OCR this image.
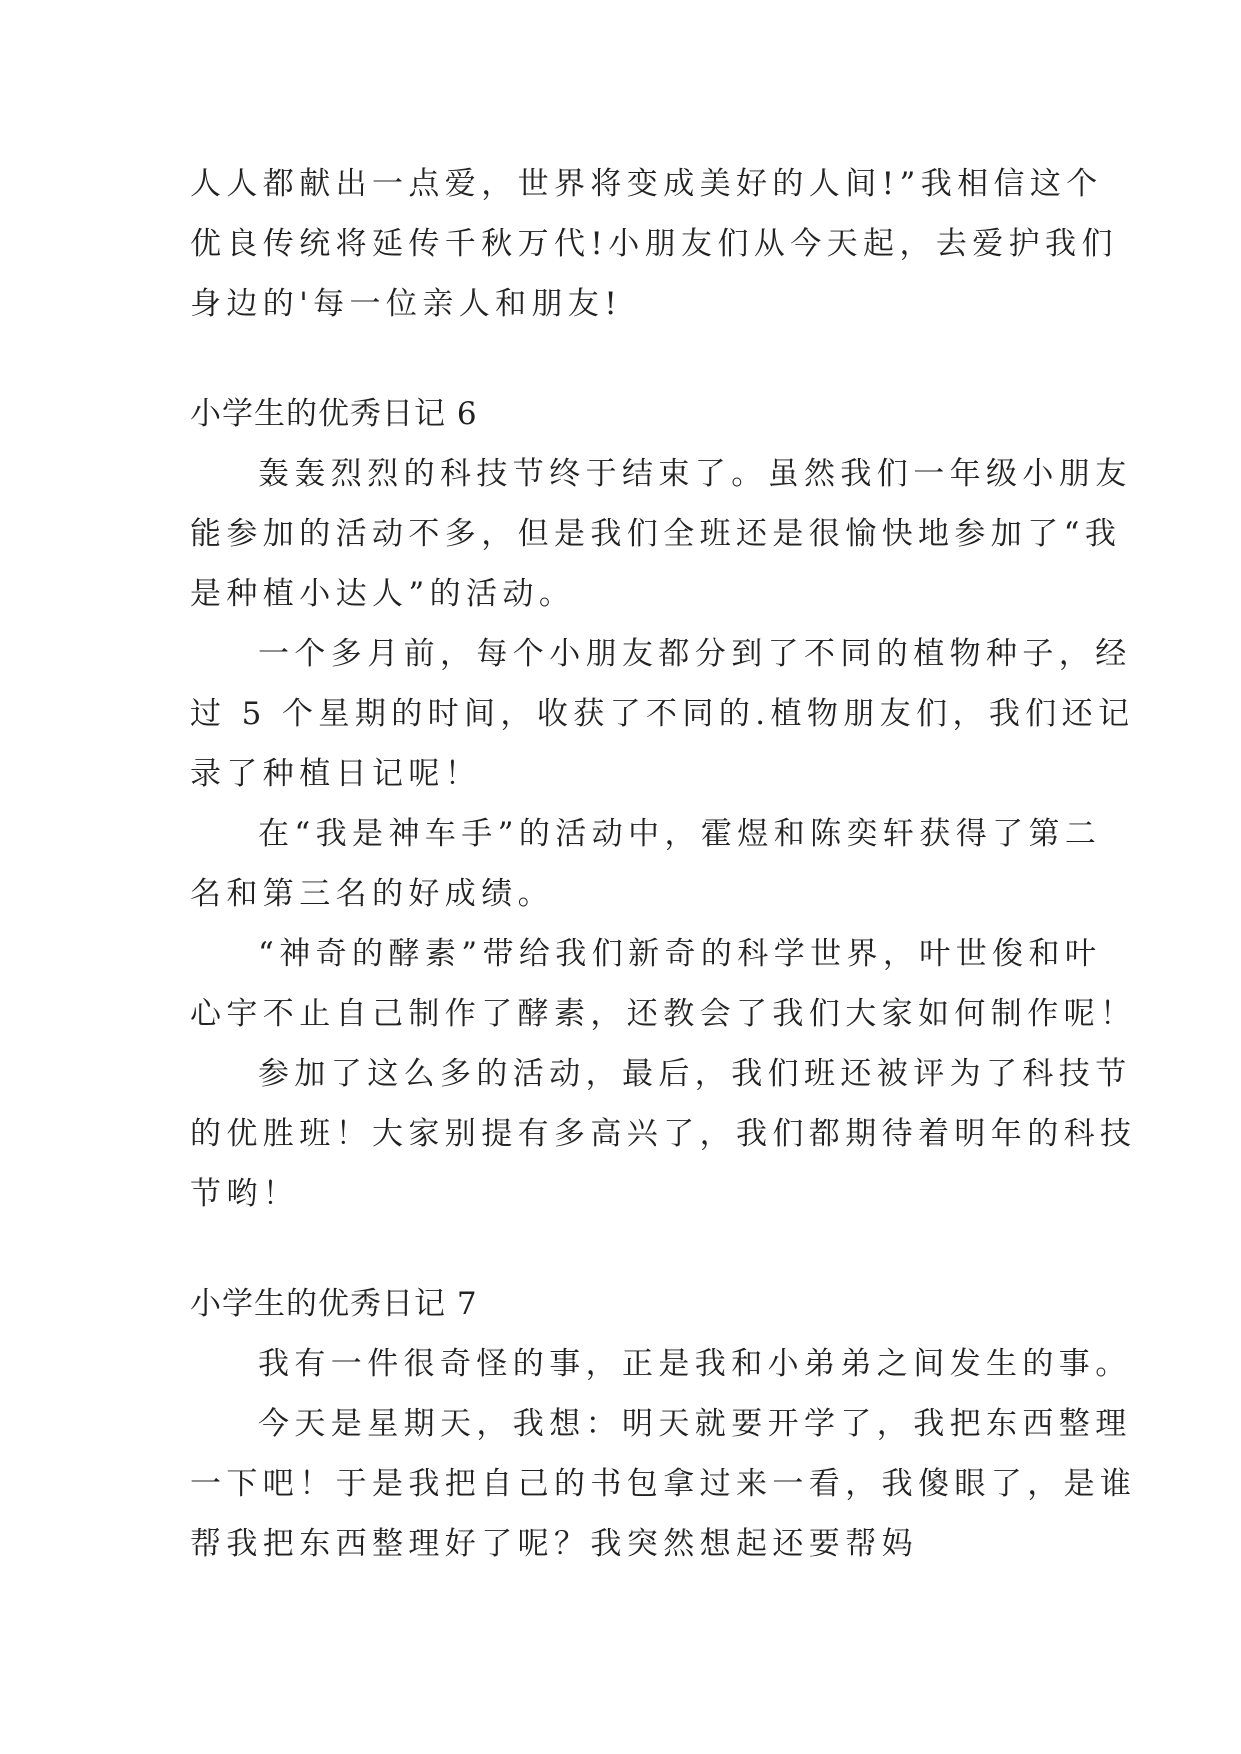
人人都献出一点爱，世界将变成美好的人间!”我相信这个
优良传统将延传千秋万代!小朋友们从今天起，去爱护我们
身边的'每一位亲人和朋友!
小学生的优秀日记 6
轰轰烈烈的科技节终于结束了。虽然我们一年级小朋友
能参加的活动不多，但是我们全班还是很愉快地参加了“我
是种植小达人”的活动。
一个多月前，每个小朋友都分到了不同的植物种子，经
过 5 个星期的时间，收获了不同的.植物朋友们，我们还记
录了种植日记呢！
在“我是神车手”的活动中，霍煜和陈奕轩获得了第二
名和第三名的好成绩。
“神奇的酵素”带给我们新奇的科学世界，叶世俊和叶
心宇不止自己制作了酵素，还教会了我们大家如何制作呢！
参加了这么多的活动，最后，我们班还被评为了科技节
的优胜班！大家别提有多高兴了，我们都期待着明年的科技
节哟！
小学生的优秀日记 7
我有一件很奇怪的事，正是我和小弟弟之间发生的事。
今天是星期天，我想：明天就要开学了，我把东西整理
一下吧！于是我把自己的书包拿过来一看，我傻眼了，是谁
帮我把东西整理好了呢？我突然想起还要帮妈
